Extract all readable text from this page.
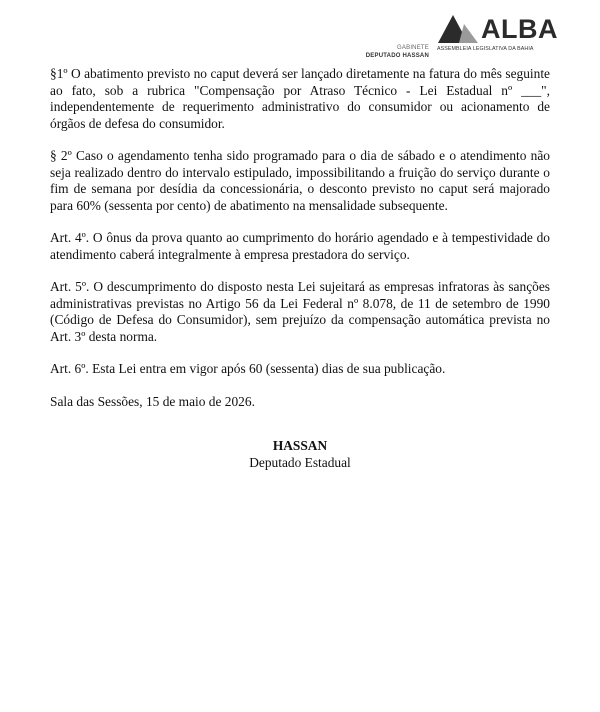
GABINETE
DEPUTADO HASSAN
ALBA
ASSEMBLEIA LEGISLATIVA DA BAHIA

§1º O abatimento previsto no caput deverá ser lançado diretamente na fatura do mês seguinte ao fato, sob a rubrica "Compensação por Atraso Técnico - Lei Estadual nº ___", independentemente de requerimento administrativo do consumidor ou acionamento de órgãos de defesa do consumidor.

§ 2º Caso o agendamento tenha sido programado para o dia de sábado e o atendimento não seja realizado dentro do intervalo estipulado, impossibilitando a fruição do serviço durante o fim de semana por desídia da concessionária, o desconto previsto no caput será majorado para 60% (sessenta por cento) de abatimento na mensalidade subsequente.

Art. 4º. O ônus da prova quanto ao cumprimento do horário agendado e à tempestividade do atendimento caberá integralmente à empresa prestadora do serviço.

Art. 5º. O descumprimento do disposto nesta Lei sujeitará as empresas infratoras às sanções administrativas previstas no Artigo 56 da Lei Federal nº 8.078, de 11 de setembro de 1990 (Código de Defesa do Consumidor), sem prejuízo da compensação automática prevista no Art. 3º desta norma.

Art. 6º. Esta Lei entra em vigor após 60 (sessenta) dias de sua publicação.

Sala das Sessões, 15 de maio de 2026.

HASSAN
Deputado Estadual
